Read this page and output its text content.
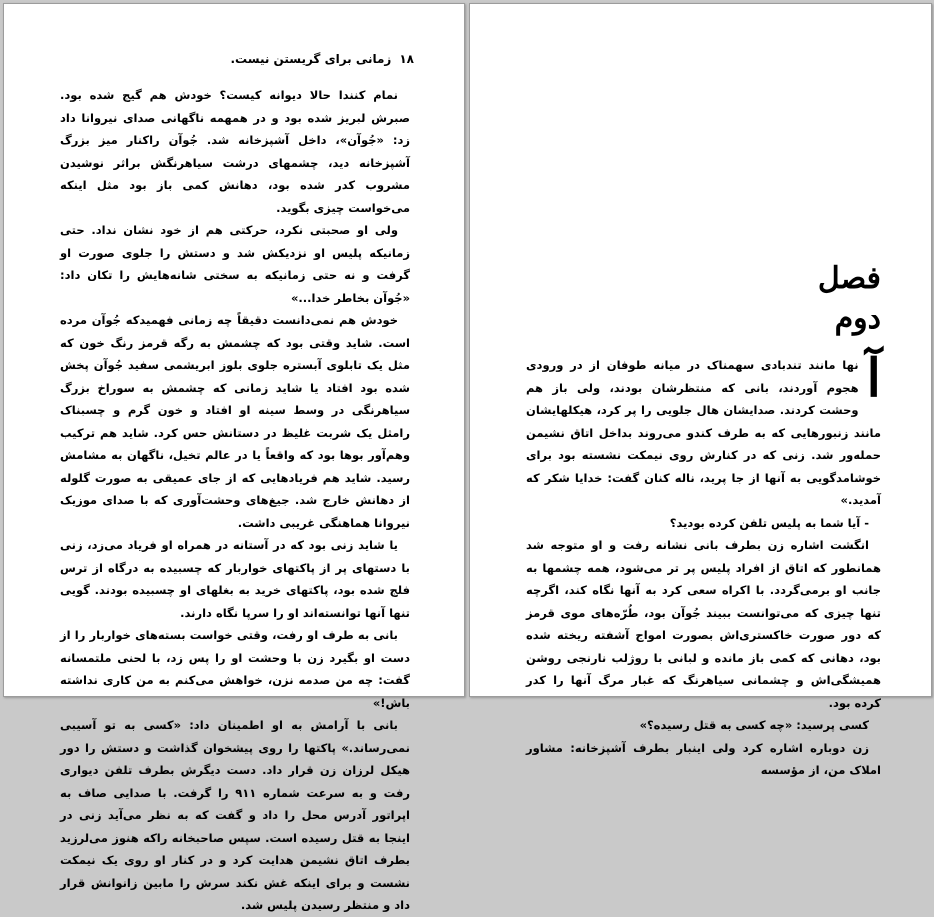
۱۸زمانی برای گریستن نیست.

نمام کنندا حالا دیوانه کیست؟ خودش هم گیج شده بود. صبرش لبریز شده بود و در همهمه ناگهانی صدای نیروانا داد زد: «جُوآن»، داخل آشپزخانه شد. جُوآن راکنار میز بزرگ آشپزخانه دید، چشمهای درشت سیاهرنگش براثر نوشیدن مشروب کدر شده بود، دهانش کمی باز بود مثل اینکه می‌خواست چیزی بگوید.

ولی او صحبتی نکرد، حرکتی هم از خود نشان نداد. حتی زمانیکه پلیس او نزدیکش شد و دستش را جلوی صورت او گرفت و نه حتی زمانیکه به سختی شانه‌هایش را تکان داد: «جُوآن بخاطر خدا...»

خودش هم نمی‌دانست دقیقاً چه زمانی فهمیدکه جُوآن مرده است. شاید وقتی بود که چشمش به رگه قرمز رنگ خون که مثل یک تابلوی آبستره جلوی بلوز ابریشمی سفید جُوآن پخش شده بود افتاد یا شاید زمانی که چشمش به سوراخ بزرگ سیاهرنگی در وسط سینه او افتاد و خون گرم و چسبناک رامثل یک شربت غلیظ در دستانش حس کرد. شاید هم ترکیب وهم‌آور بوها بود که واقعاً یا در عالم تخیل، ناگهان به مشامش رسید. شاید هم فریادهایی که از جای عمیقی به صورت گلوله از دهانش خارج شد. جیغ‌های وحشت‌آوری که با صدای موزیک نیروانا هماهنگی غریبی داشت.

یا شاید زنی بود که در آستانه در همراه او فریاد می‌زد، زنی با دستهای پر از پاکتهای خواربار که چسبیده به درگاه از ترس فلج شده بود، پاکتهای خرید به بغلهای او چسبیده بودند. گویی تنها آنها توانسته‌اند او را سرپا نگاه دارند.

بانی به طرف او رفت، وقتی خواست بسته‌های خواربار را از دست او بگیرد زن با وحشت او را پس زد، با لحنی ملتمسانه گفت: چه من صدمه نزن، خواهش می‌کنم به من کاری نداشته باش!»

بانی با آرامش به او اطمینان داد: «کسی به تو آسیبی نمی‌رساند.» پاکتها را روی پیشخوان گذاشت و دستش را دور هیکل لرزان زن قرار داد. دست دیگرش بطرف تلفن دیواری رفت و به سرعت شماره ۹۱۱ را گرفت. با صدایی صاف به اپراتور آدرس محل را داد و گفت که به نظر می‌آید زنی در اینجا به قتل رسیده است. سپس صاحبخانه راکه هنوز می‌لرزید بطرف اتاق نشیمن هدایت کرد و در کنار او روی یک نیمکت نشست و برای اینکه غش نکند سرش را مابین زانوانش قرار داد و منتظر رسیدن پلیس شد.

فصل
دوم

آ
نها مانند تندبادی سهمناک در میانه طوفان از در ورودی هجوم آوردند، بانی که منتظرشان بودند، ولی باز هم وحشت کردند. صدایشان هال جلویی را پر کرد، هیکلهایشان مانند زنبورهایی که به طرف کندو می‌روند بداخل اتاق نشیمن حمله‌ور شد. زنی که در کنارش روی نیمکت نشسته بود برای خوشامدگویی به آنها از جا پرید، ناله کنان گفت: خدایا شکر که آمدید.»

- آیا شما به پلیس تلفن کرده بودید؟

انگشت اشاره زن بطرف بانی نشانه رفت و او متوجه شد همانطور که اتاق از افراد پلیس پر تر می‌شود، همه چشمها به جانب او برمی‌گردد. با اکراه سعی کرد به آنها نگاه کند، اگرچه تنها چیزی که می‌توانست ببیند جُوآن بود، طُرّه‌های موی قرمز که دور صورت خاکستری‌اش بصورت امواج آشفته ریخته شده بود، دهانی که کمی باز مانده و لبانی با روژلب نارنجی روشن همیشگی‌اش و چشمانی سیاهرنگ که غبار مرگ آنها را کدر کرده بود.

کسی پرسید: «چه کسی به قتل رسیده؟»

زن دوباره اشاره کرد ولی اینبار بطرف آشپزخانه: مشاور املاک من، از مؤسسه
